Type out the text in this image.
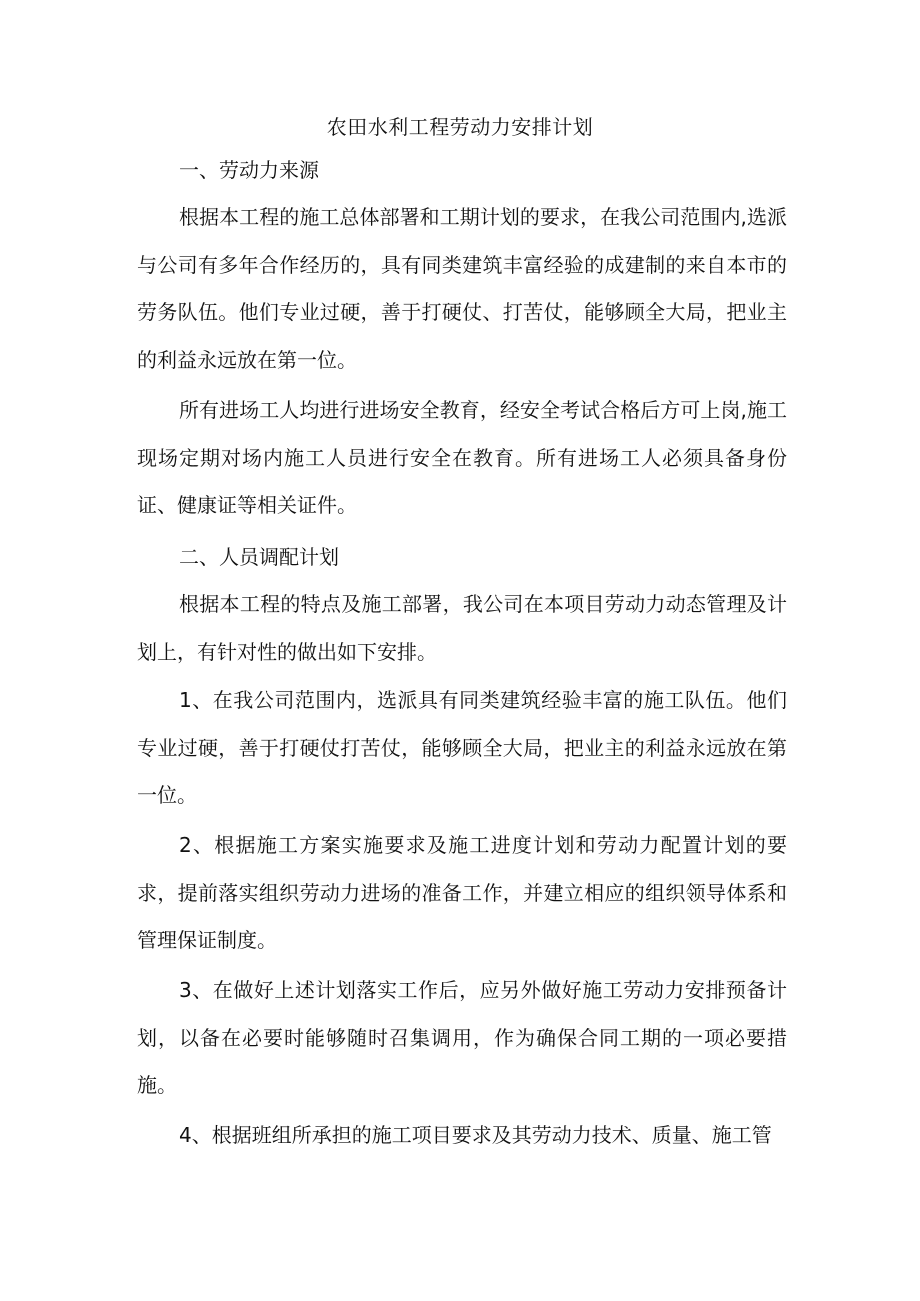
农田水利工程劳动力安排计划
一、劳动力来源

根据本工程的施工总体部署和工期计划的要求，在我公司范围内,选派与公司有多年合作经历的，具有同类建筑丰富经验的成建制的来自本市的劳务队伍。他们专业过硬，善于打硬仗、打苦仗，能够顾全大局，把业主的利益永远放在第一位。

所有进场工人均进行进场安全教育，经安全考试合格后方可上岗,施工现场定期对场内施工人员进行安全在教育。所有进场工人必须具备身份证、健康证等相关证件。

二、人员调配计划

根据本工程的特点及施工部署，我公司在本项目劳动力动态管理及计划上，有针对性的做出如下安排。

1、在我公司范围内，选派具有同类建筑经验丰富的施工队伍。他们专业过硬，善于打硬仗打苦仗，能够顾全大局，把业主的利益永远放在第一位。

2、根据施工方案实施要求及施工进度计划和劳动力配置计划的要求，提前落实组织劳动力进场的准备工作，并建立相应的组织领导体系和管理保证制度。

3、在做好上述计划落实工作后，应另外做好施工劳动力安排预备计划，以备在必要时能够随时召集调用，作为确保合同工期的一项必要措施。

4、根据班组所承担的施工项目要求及其劳动力技术、质量、施工管
